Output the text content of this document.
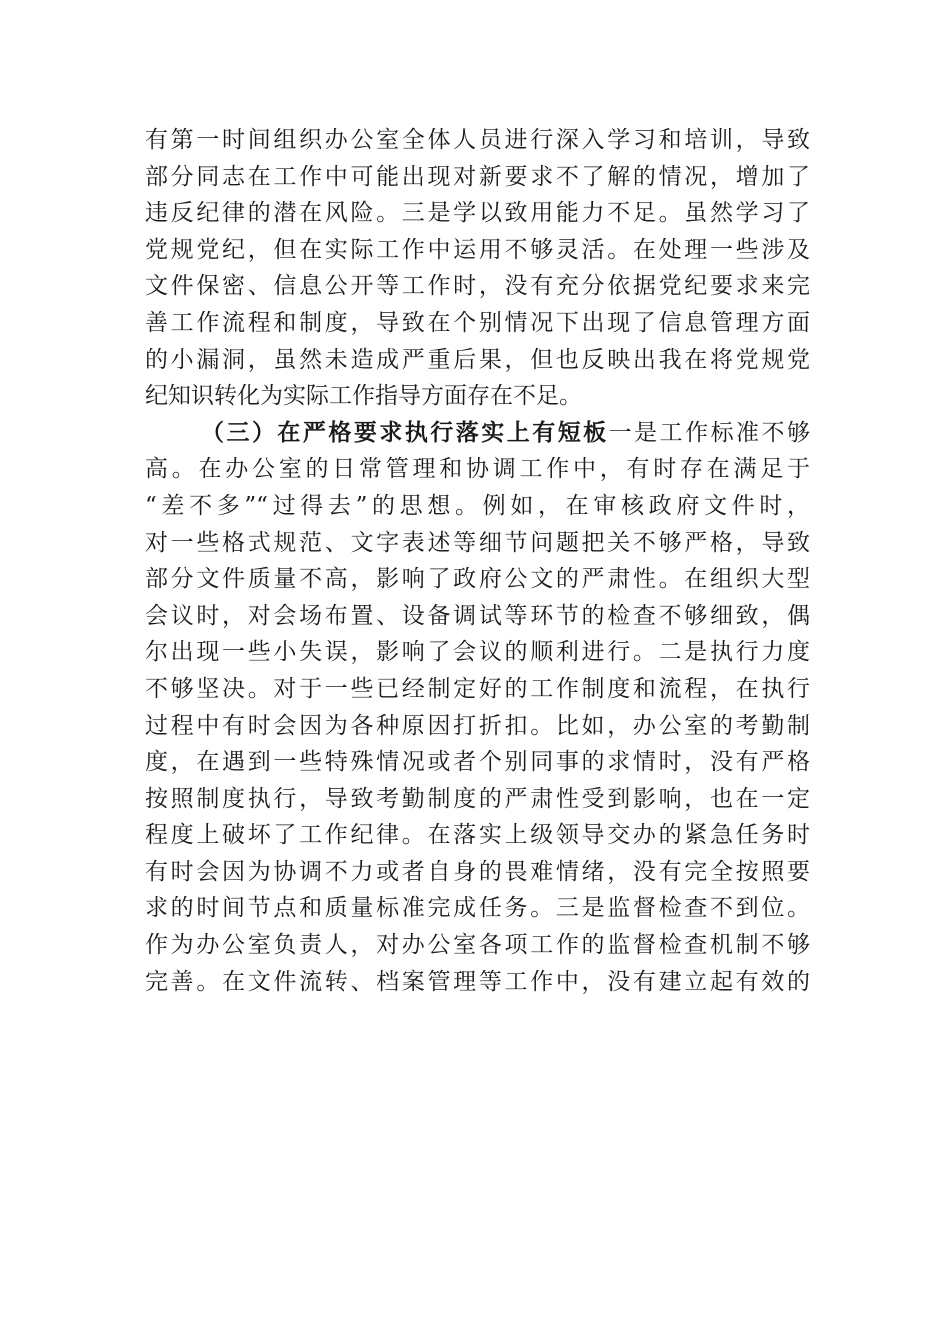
有第一时间组织办公室全体人员进行深入学习和培训，导致
部分同志在工作中可能出现对新要求不了解的情况，增加了
违反纪律的潜在风险。三是学以致用能力不足。虽然学习了
党规党纪，但在实际工作中运用不够灵活。在处理一些涉及
文件保密、信息公开等工作时，没有充分依据党纪要求来完
善工作流程和制度，导致在个别情况下出现了信息管理方面
的小漏洞，虽然未造成严重后果，但也反映出我在将党规党
纪知识转化为实际工作指导方面存在不足。
（三）在严格要求执行落实上有短板一是工作标准不够
高。在办公室的日常管理和协调工作中，有时存在满足于
“差不多”“过得去”的思想。例如，在审核政府文件时，
对一些格式规范、文字表述等细节问题把关不够严格，导致
部分文件质量不高，影响了政府公文的严肃性。在组织大型
会议时，对会场布置、设备调试等环节的检查不够细致，偶
尔出现一些小失误，影响了会议的顺利进行。二是执行力度
不够坚决。对于一些已经制定好的工作制度和流程，在执行
过程中有时会因为各种原因打折扣。比如，办公室的考勤制
度，在遇到一些特殊情况或者个别同事的求情时，没有严格
按照制度执行，导致考勤制度的严肃性受到影响，也在一定
程度上破坏了工作纪律。在落实上级领导交办的紧急任务时
有时会因为协调不力或者自身的畏难情绪，没有完全按照要
求的时间节点和质量标准完成任务。三是监督检查不到位。
作为办公室负责人，对办公室各项工作的监督检查机制不够
完善。在文件流转、档案管理等工作中，没有建立起有效的
